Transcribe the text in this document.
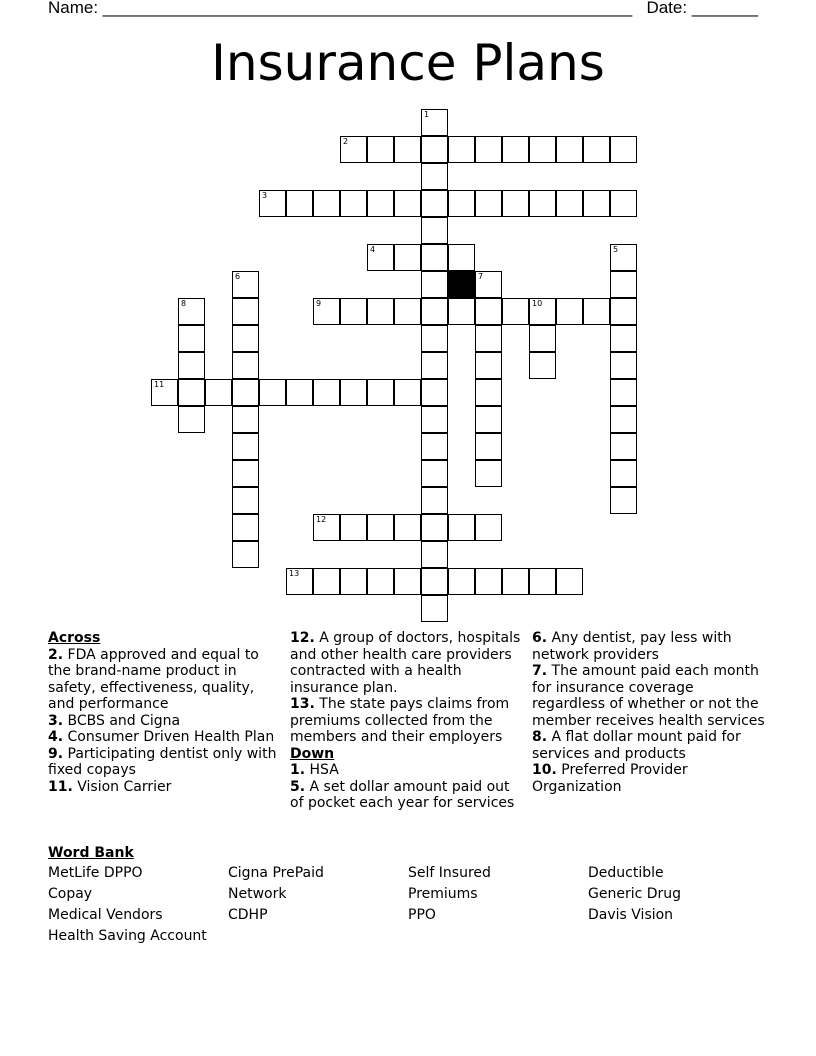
Name: ________________________________________________________ Date: _______
Insurance Plans
1
2
3
4	5
6	7
8	9	10
11
12
13
Across
2. FDA approved and equal to the brand-name product in safety, effectiveness, quality, and performance
3. BCBS and Cigna
4. Consumer Driven Health Plan
9. Participating dentist only with fixed copays
11. Vision Carrier
12. A group of doctors, hospitals and other health care providers contracted with a health insurance plan.
13. The state pays claims from premiums collected from the members and their employers
Down
1. HSA
5. A set dollar amount paid out of pocket each year for services
6. Any dentist, pay less with network providers
7. The amount paid each month for insurance coverage regardless of whether or not the member receives health services
8. A flat dollar mount paid for services and products
10. Preferred Provider Organization
Word Bank
MetLife DPPO	Cigna PrePaid	Self Insured	Deductible
Copay	Network	Premiums	Generic Drug
Medical Vendors	CDHP	PPO	Davis Vision
Health Saving Account
